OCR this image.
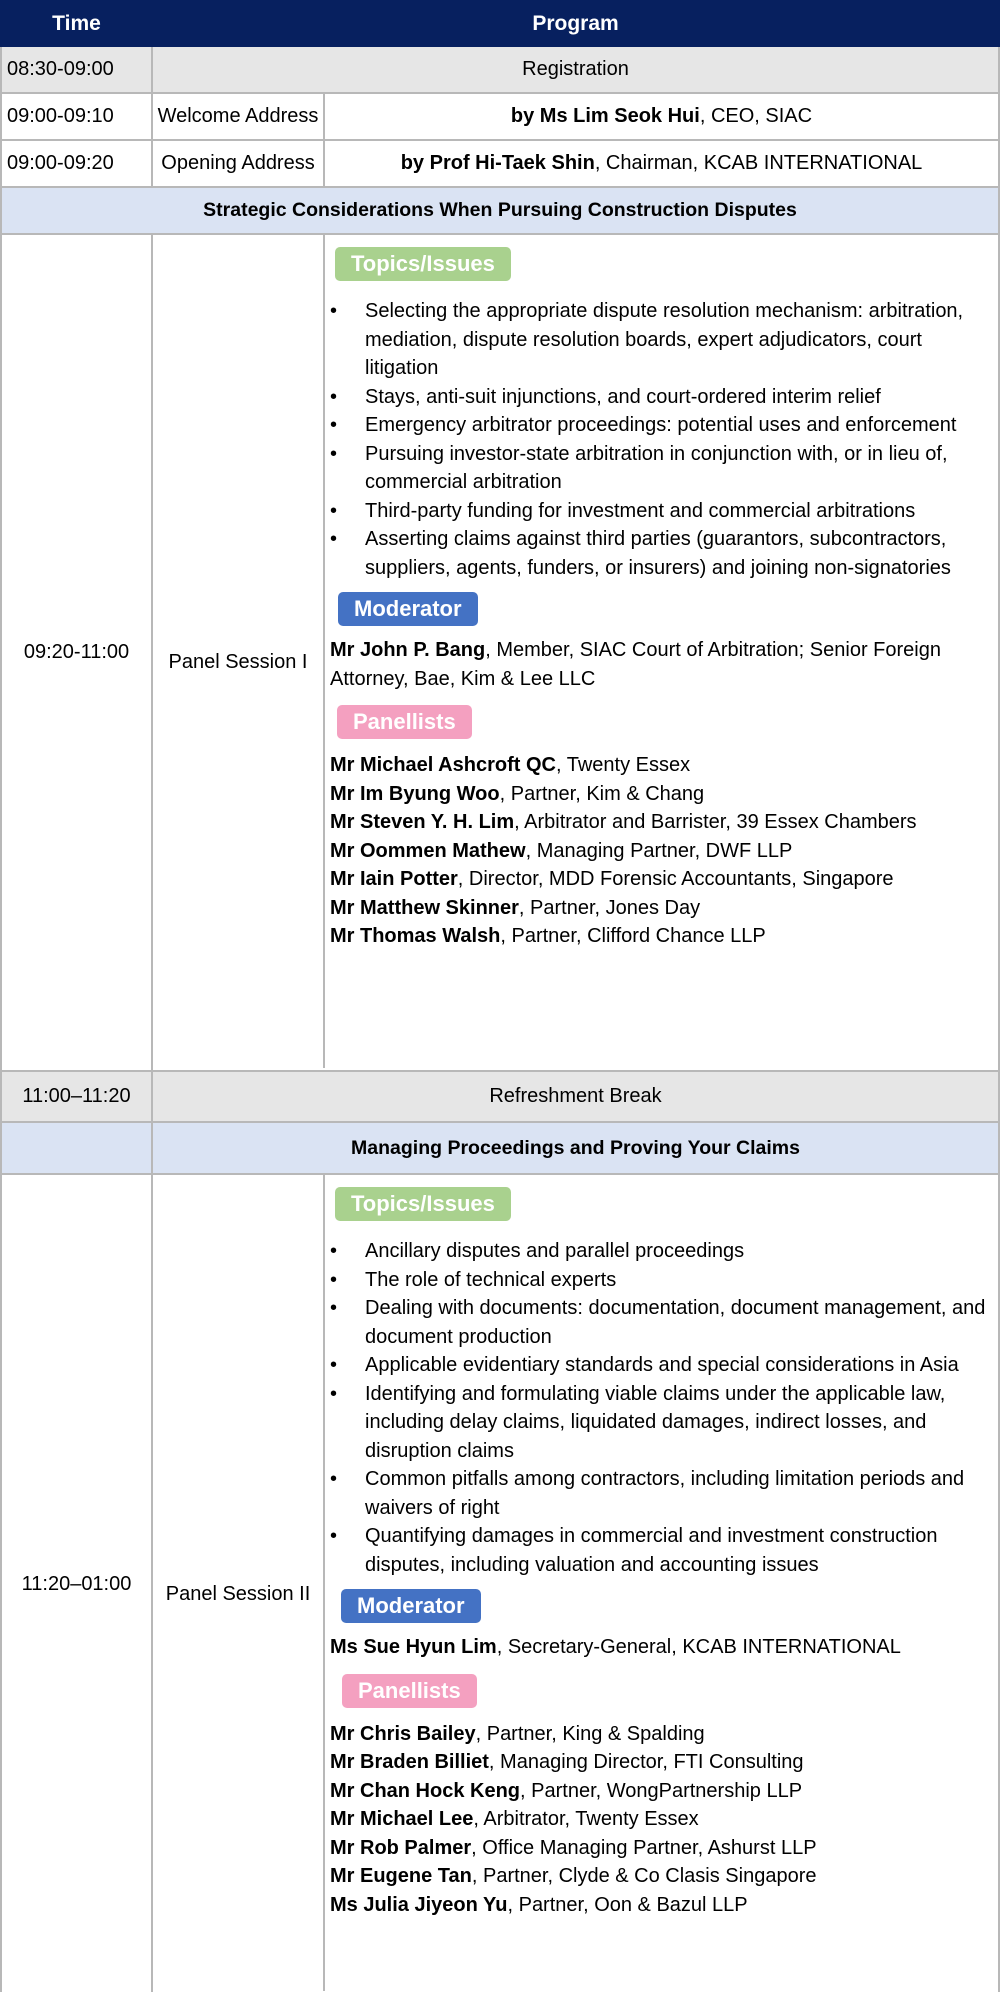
Time	Program
08:30-09:00	Registration
09:00-09:10	Welcome Address	by Ms Lim Seok Hui, CEO, SIAC
09:00-09:20	Opening Address	by Prof Hi-Taek Shin, Chairman, KCAB INTERNATIONAL
Strategic Considerations When Pursuing Construction Disputes
09:20-11:00	Panel Session I	
Topics/Issues
• Selecting the appropriate dispute resolution mechanism: arbitration, mediation, dispute resolution boards, expert adjudicators, court litigation
• Stays, anti-suit injunctions, and court-ordered interim relief
• Emergency arbitrator proceedings: potential uses and enforcement
• Pursuing investor-state arbitration in conjunction with, or in lieu of, commercial arbitration
• Third-party funding for investment and commercial arbitrations
• Asserting claims against third parties (guarantors, subcontractors, suppliers, agents, funders, or insurers) and joining non-signatories
Moderator
Mr John P. Bang, Member, SIAC Court of Arbitration; Senior Foreign Attorney, Bae, Kim & Lee LLC
Panellists
Mr Michael Ashcroft QC, Twenty Essex
Mr Im Byung Woo, Partner, Kim & Chang
Mr Steven Y. H. Lim, Arbitrator and Barrister, 39 Essex Chambers
Mr Oommen Mathew, Managing Partner, DWF LLP
Mr Iain Potter, Director, MDD Forensic Accountants, Singapore
Mr Matthew Skinner, Partner, Jones Day
Mr Thomas Walsh, Partner, Clifford Chance LLP

11:00–11:20	Refreshment Break
	Managing Proceedings and Proving Your Claims
11:20–01:00	Panel Session II	
Topics/Issues
• Ancillary disputes and parallel proceedings
• The role of technical experts
• Dealing with documents: documentation, document management, and document production
• Applicable evidentiary standards and special considerations in Asia
• Identifying and formulating viable claims under the applicable law, including delay claims, liquidated damages, indirect losses, and disruption claims
• Common pitfalls among contractors, including limitation periods and waivers of right
• Quantifying damages in commercial and investment construction disputes, including valuation and accounting issues
Moderator
Ms Sue Hyun Lim, Secretary-General, KCAB INTERNATIONAL
Panellists
Mr Chris Bailey, Partner, King & Spalding
Mr Braden Billiet, Managing Director, FTI Consulting
Mr Chan Hock Keng, Partner, WongPartnership LLP
Mr Michael Lee, Arbitrator, Twenty Essex
Mr Rob Palmer, Office Managing Partner, Ashurst LLP
Mr Eugene Tan, Partner, Clyde & Co Clasis Singapore
Ms Julia Jiyeon Yu, Partner, Oon & Bazul LLP
